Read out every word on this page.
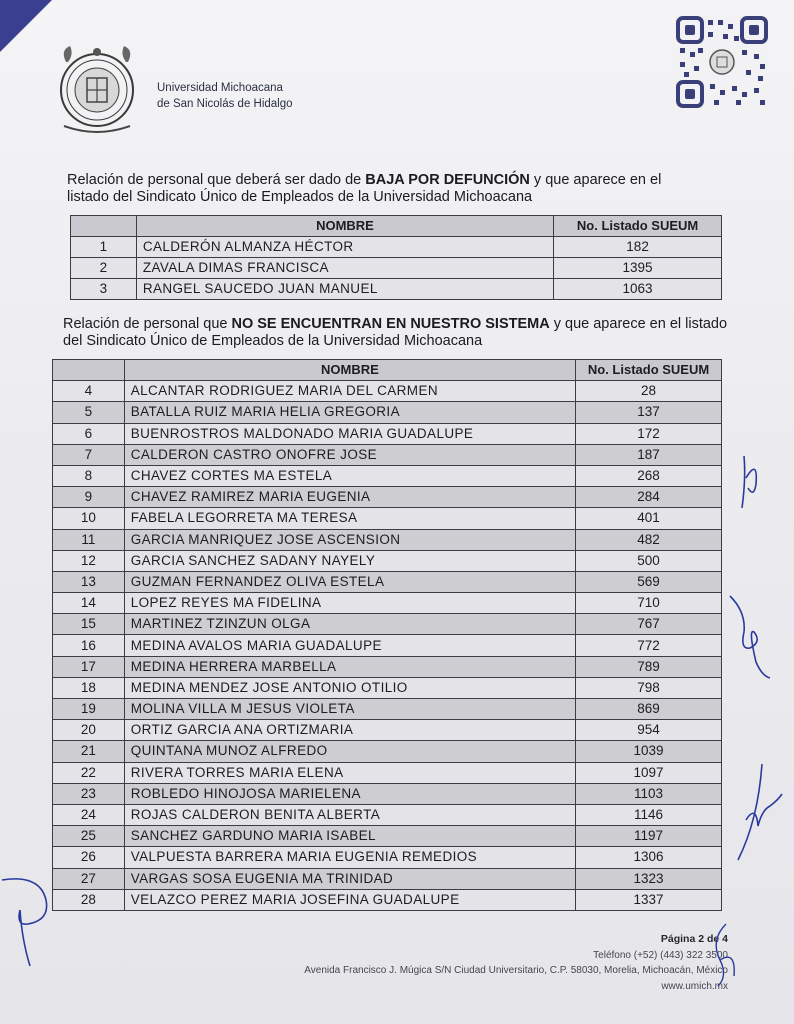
Universidad Michoacana
de San Nicolás de Hidalgo
Relación de personal que deberá ser dado de BAJA POR DEFUNCIÓN y que aparece en el
listado del Sindicato Único de Empleados de la Universidad Michoacana
	NOMBRE	No. Listado SUEUM
1	CALDERÓN ALMANZA HÉCTOR	182
2	ZAVALA DIMAS FRANCISCA	1395
3	RANGEL SAUCEDO JUAN MANUEL	1063
Relación de personal que NO SE ENCUENTRAN EN NUESTRO SISTEMA y que aparece en el listado
del Sindicato Único de Empleados de la Universidad Michoacana
	NOMBRE	No. Listado SUEUM
4	ALCANTAR RODRIGUEZ MARIA DEL CARMEN	28
5	BATALLA RUIZ MARIA HELIA GREGORIA	137
6	BUENROSTROS MALDONADO MARIA GUADALUPE	172
7	CALDERON CASTRO ONOFRE JOSE	187
8	CHAVEZ CORTES MA ESTELA	268
9	CHAVEZ RAMIREZ MARIA EUGENIA	284
10	FABELA LEGORRETA MA TERESA	401
11	GARCIA MANRIQUEZ JOSE ASCENSION	482
12	GARCIA SANCHEZ SADANY NAYELY	500
13	GUZMAN FERNANDEZ OLIVA ESTELA	569
14	LOPEZ REYES MA FIDELINA	710
15	MARTINEZ TZINZUN OLGA	767
16	MEDINA AVALOS MARIA GUADALUPE	772
17	MEDINA HERRERA MARBELLA	789
18	MEDINA MENDEZ JOSE ANTONIO OTILIO	798
19	MOLINA VILLA M JESUS VIOLETA	869
20	ORTIZ GARCIA ANA ORTIZMARIA	954
21	QUINTANA MUNOZ ALFREDO	1039
22	RIVERA TORRES MARIA ELENA	1097
23	ROBLEDO HINOJOSA MARIELENA	1103
24	ROJAS CALDERON BENITA ALBERTA	1146
25	SANCHEZ GARDUNO MARIA ISABEL	1197
26	VALPUESTA BARRERA MARIA EUGENIA REMEDIOS	1306
27	VARGAS SOSA EUGENIA MA TRINIDAD	1323
28	VELAZCO PEREZ MARIA JOSEFINA GUADALUPE	1337
Página 2 de 4
Teléfono (+52) (443) 322 3500
Avenida Francisco J. Múgica S/N Ciudad Universitario, C.P. 58030, Morelia, Michoacán, México
www.umich.mx
